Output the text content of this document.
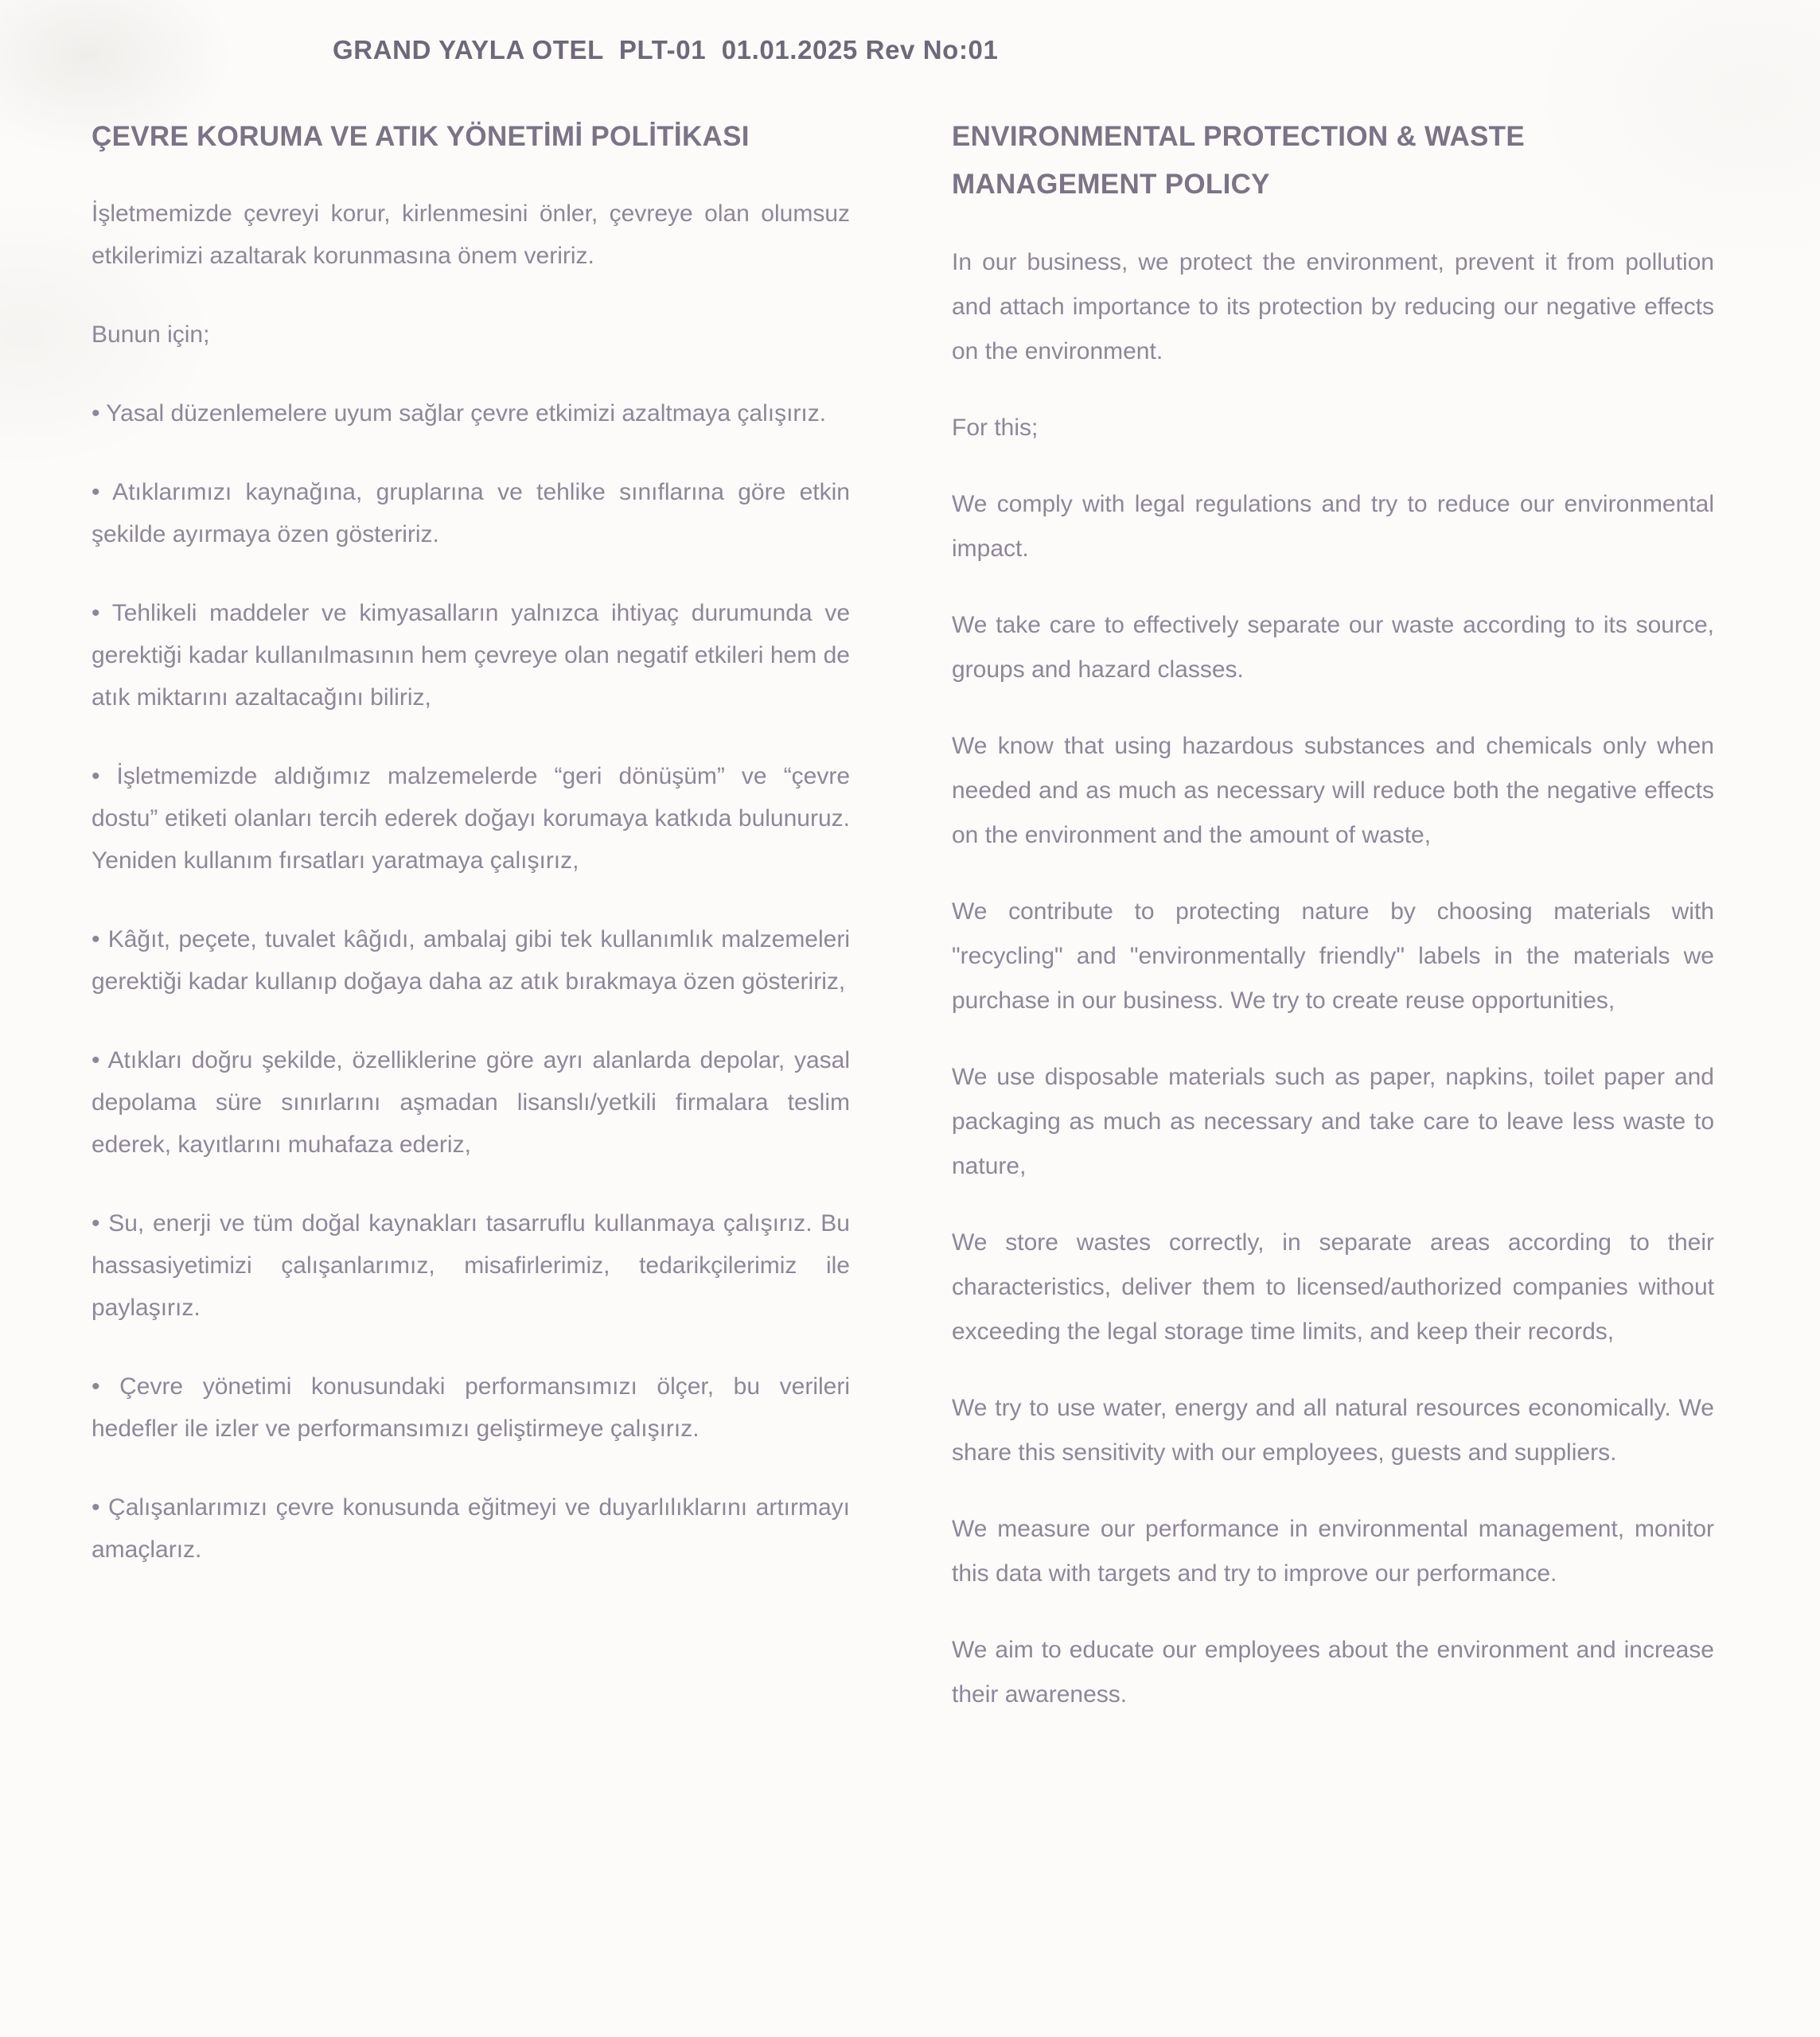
GRAND YAYLA OTEL  PLT-01  01.01.2025 Rev No:01
ÇEVRE KORUMA VE ATIK YÖNETİMİ POLİTİKASI

İşletmemizde çevreyi korur, kirlenmesini önler, çevreye olan olumsuz etkilerimizi azaltarak korunmasına önem veririz.

Bunun için;

• Yasal düzenlemelere uyum sağlar çevre etkimizi azaltmaya çalışırız.

• Atıklarımızı kaynağına, gruplarına ve tehlike sınıflarına göre etkin şekilde ayırmaya özen gösteririz.

• Tehlikeli maddeler ve kimyasalların yalnızca ihtiyaç durumunda ve gerektiği kadar kullanılmasının hem çevreye olan negatif etkileri hem de atık miktarını azaltacağını biliriz,

• İşletmemizde aldığımız malzemelerde “geri dönüşüm” ve “çevre dostu” etiketi olanları tercih ederek doğayı korumaya katkıda bulunuruz. Yeniden kullanım fırsatları yaratmaya çalışırız,

• Kâğıt, peçete, tuvalet kâğıdı, ambalaj gibi tek kullanımlık malzemeleri gerektiği kadar kullanıp doğaya daha az atık bırakmaya özen gösteririz,

• Atıkları doğru şekilde, özelliklerine göre ayrı alanlarda depolar, yasal depolama süre sınırlarını aşmadan lisanslı/yetkili firmalara teslim ederek, kayıtlarını muhafaza ederiz,

• Su, enerji ve tüm doğal kaynakları tasarruflu kullanmaya çalışırız. Bu hassasiyetimizi çalışanlarımız, misafirlerimiz, tedarikçilerimiz ile paylaşırız.

• Çevre yönetimi konusundaki performansımızı ölçer, bu verileri hedefler ile izler ve performansımızı geliştirmeye çalışırız.

• Çalışanlarımızı çevre konusunda eğitmeyi ve duyarlılıklarını artırmayı amaçlarız.

ENVIRONMENTAL PROTECTION & WASTE
MANAGEMENT POLICY

In our business, we protect the environment, prevent it from pollution and attach importance to its protection by reducing our negative effects on the environment.

For this;

We comply with legal regulations and try to reduce our environmental impact.

We take care to effectively separate our waste according to its source, groups and hazard classes.

We know that using hazardous substances and chemicals only when needed and as much as necessary will reduce both the negative effects on the environment and the amount of waste,

We contribute to protecting nature by choosing materials with "recycling" and "environmentally friendly" labels in the materials we purchase in our business. We try to create reuse opportunities,

We use disposable materials such as paper, napkins, toilet paper and packaging as much as necessary and take care to leave less waste to nature,

We store wastes correctly, in separate areas according to their characteristics, deliver them to licensed/authorized companies without exceeding the legal storage time limits, and keep their records,

We try to use water, energy and all natural resources economically. We share this sensitivity with our employees, guests and suppliers.

We measure our performance in environmental management, monitor this data with targets and try to improve our performance.

We aim to educate our employees about the environment and increase their awareness.
